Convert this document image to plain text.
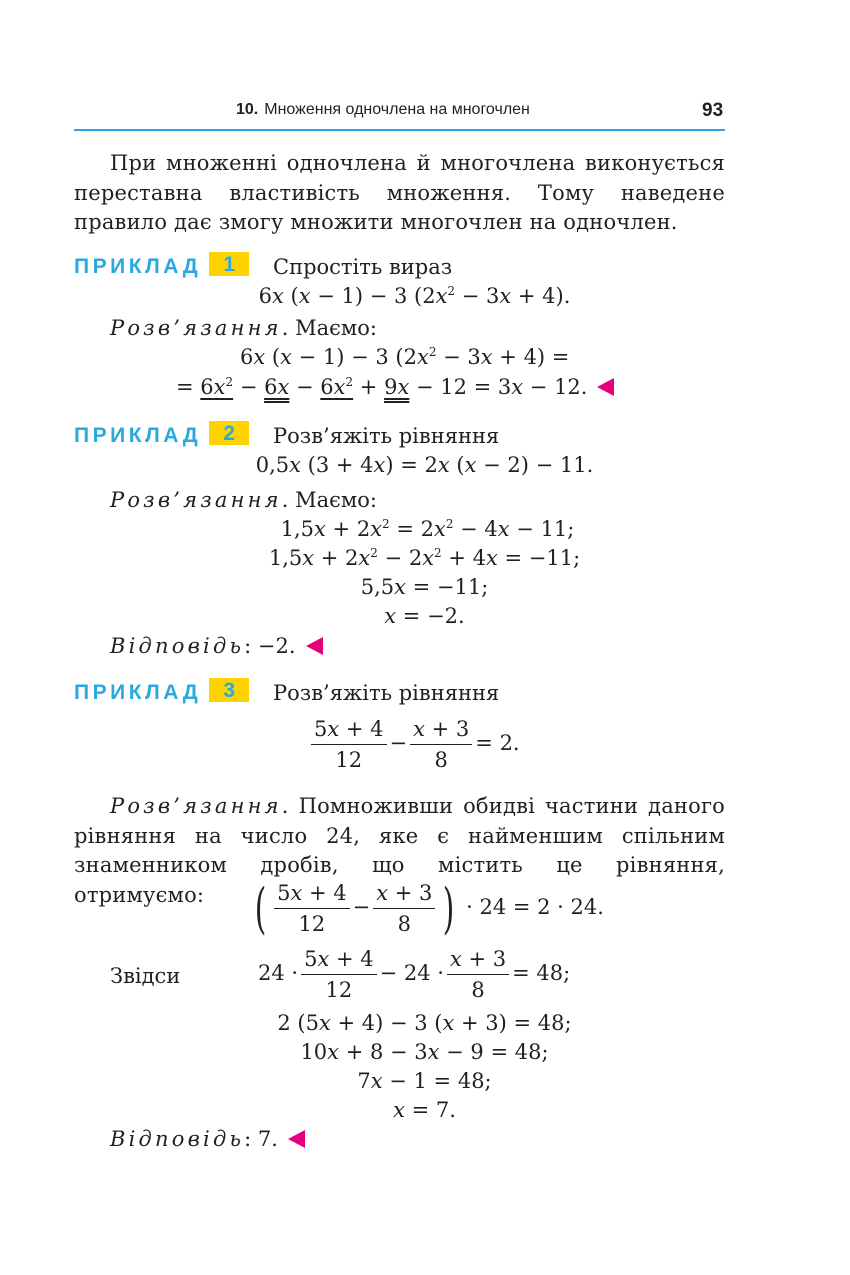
10. Множення одночлена на многочлен	93
При множенні одночлена й многочлена виконується переставна властивість множення. Тому наведене правило дає змогу множити многочлен на одночлен.
ПРИКЛАД 1	Спростіть вираз
6x (x − 1) − 3 $(2x^2 - 3x + 4)$.
Розв’язання. Маємо:
6x (x − 1) − 3 $(2x^2 - 3x + 4)$ =
= $6x^2 - 6x - 6x^2 + 9x - 12 = 3x - 12$.
ПРИКЛАД 2	Розв’яжіть рівняння
0,5x (3 + 4x) = 2x (x − 2) − 11.
Розв’язання. Маємо:
$1,5x + 2x^2 = 2x^2 - 4x - 11$;
$1,5x + 2x^2 - 2x^2 + 4x = -11$;
5,5x = −11;
x = −2.
Відповідь: −2.
ПРИКЛАД 3	Розв’яжіть рівняння
$\frac{5x + 4}{12} - \frac{x + 3}{8} = 2$.
Розв’язання. Помноживши обидві частини даного рівняння на число 24, яке є найменшим спільним знаменником дробів, що містить це рівняння, отримуємо: ( $\frac{5x + 4}{12} - \frac{x + 3}{8}$ ) · 24 = 2 · 24.
Звідси	$24 \cdot \frac{5x + 4}{12} - 24 \cdot \frac{x + 3}{8} = 48$;
2 (5x + 4) − 3 (x + 3) = 48;
10x + 8 − 3x − 9 = 48;
7x − 1 = 48;
x = 7.
Відповідь: 7.
